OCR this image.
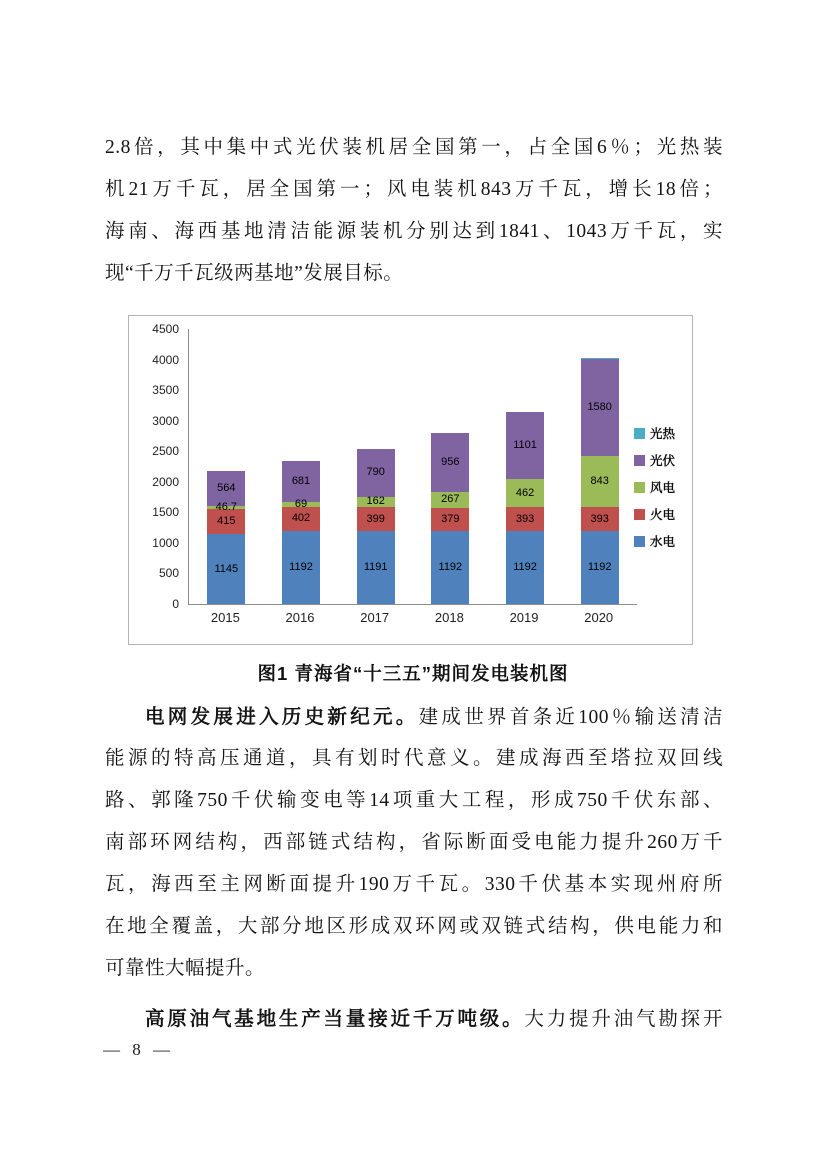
2.8倍，其中集中式光伏装机居全国第一，占全国6％；光热装
机21万千瓦，居全国第一；风电装机843万千瓦，增长18倍；
海南、海西基地清洁能源装机分别达到1841、1043万千瓦，实
现“千万千瓦级两基地”发展目标。
0
500
1000
1500
2000
2500
3000
3500
4000
4500
1145
415
46.7
564
1192
402
69
681
1191
399
162
790
1192
379
267
956
1192
393
462
1101
1192
393
843
1580
2015	2016	2017	2018	2019	2020
光热
光伏
风电
火电
水电
图1 青海省“十三五”期间发电装机图
电网发展进入历史新纪元。建成世界首条近100％输送清洁
能源的特高压通道，具有划时代意义。建成海西至塔拉双回线
路、郭隆750千伏输变电等14项重大工程，形成750千伏东部、
南部环网结构，西部链式结构，省际断面受电能力提升260万千
瓦，海西至主网断面提升190万千瓦。330千伏基本实现州府所
在地全覆盖，大部分地区形成双环网或双链式结构，供电能力和
可靠性大幅提升。
高原油气基地生产当量接近千万吨级。大力提升油气勘探开
— 8 —
